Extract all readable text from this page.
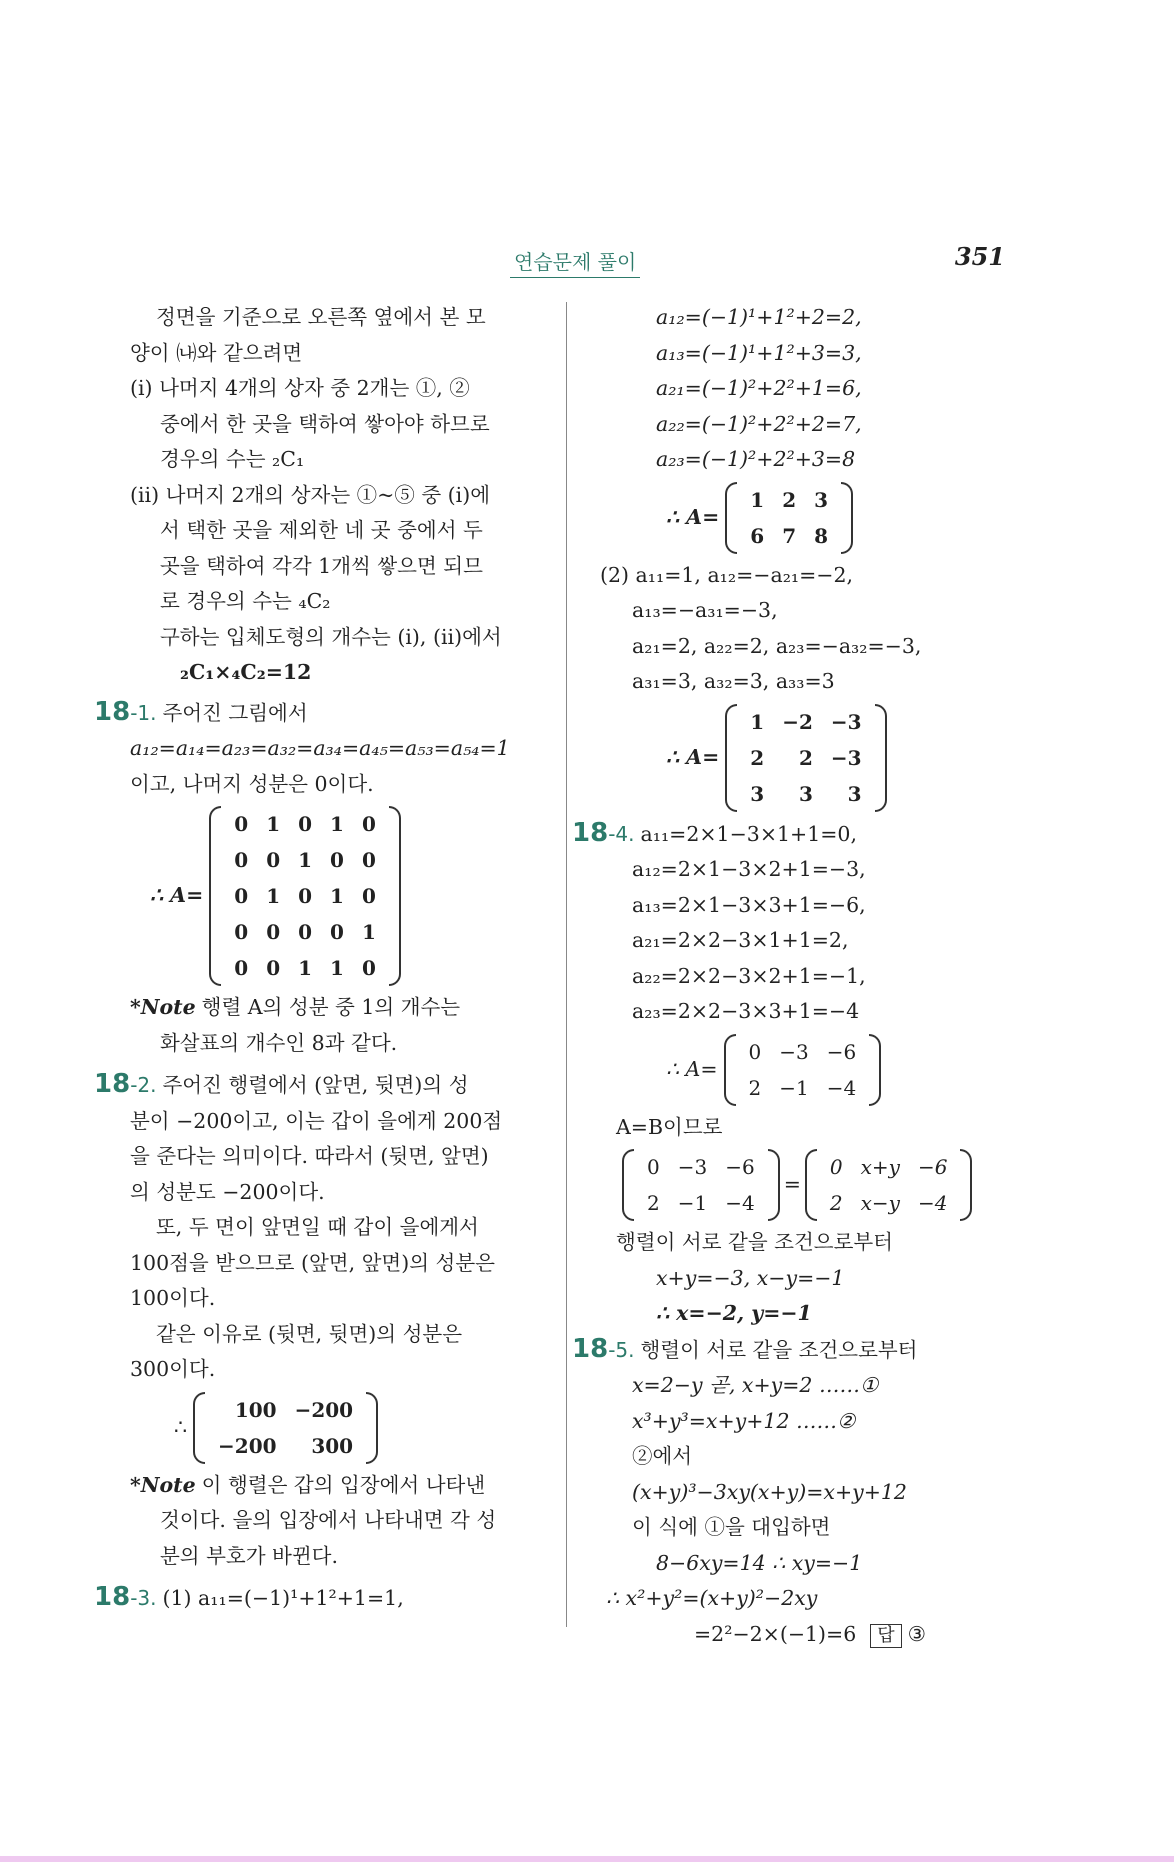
연습문제 풀이	351
정면을 기준으로 오른쪽 옆에서 본 모
양이 ㈏와 같으려면
(ⅰ) 나머지 4개의 상자 중 2개는 ①, ②
중에서 한 곳을 택하여 쌓아야 하므로
경우의 수는 ₂C₁
(ⅱ) 나머지 2개의 상자는 ①~⑤ 중 (ⅰ)에
서 택한 곳을 제외한 네 곳 중에서 두
곳을 택하여 각각 1개씩 쌓으면 되므
로 경우의 수는 ₄C₂
구하는 입체도형의 개수는 (ⅰ), (ⅱ)에서
₂C₁×₄C₂=12
18-1. 주어진 그림에서
a₁₂=a₁₄=a₂₃=a₃₂=a₃₄=a₄₅=a₅₃=a₅₄=1
이고, 나머지 성분은 0이다.
∴ A=
0	1	0	1	0
0	0	1	0	0
0	1	0	1	0
0	0	0	0	1
0	0	1	1	0
*Note 행렬 A의 성분 중 1의 개수는
화살표의 개수인 8과 같다.
18-2. 주어진 행렬에서 (앞면, 뒷면)의 성
분이 −200이고, 이는 갑이 을에게 200점
을 준다는 의미이다. 따라서 (뒷면, 앞면)
의 성분도 −200이다.
또, 두 면이 앞면일 때 갑이 을에게서
100점을 받으므로 (앞면, 앞면)의 성분은
100이다.
같은 이유로 (뒷면, 뒷면)의 성분은
300이다.
∴
100	−200
−200	300
*Note 이 행렬은 갑의 입장에서 나타낸
것이다. 을의 입장에서 나타내면 각 성
분의 부호가 바뀐다.
18-3. (1) a₁₁=(−1)¹+1²+1=1,
a₁₂=(−1)¹+1²+2=2,
a₁₃=(−1)¹+1²+3=3,
a₂₁=(−1)²+2²+1=6,
a₂₂=(−1)²+2²+2=7,
a₂₃=(−1)²+2²+3=8
∴ A=
1	2	3
6	7	8
(2) a₁₁=1, a₁₂=−a₂₁=−2,
a₁₃=−a₃₁=−3,
a₂₁=2, a₂₂=2, a₂₃=−a₃₂=−3,
a₃₁=3, a₃₂=3, a₃₃=3
∴ A=
1	−2	−3
2	2	−3
3	3	3
18-4. a₁₁=2×1−3×1+1=0,
a₁₂=2×1−3×2+1=−3,
a₁₃=2×1−3×3+1=−6,
a₂₁=2×2−3×1+1=2,
a₂₂=2×2−3×2+1=−1,
a₂₃=2×2−3×3+1=−4
∴ A=
0	−3	−6
2	−1	−4
A=B이므로
0	−3	−6
2	−1	−4
=
0	x+y	−6
2	x−y	−4
행렬이 서로 같을 조건으로부터
x+y=−3, x−y=−1
∴ x=−2, y=−1
18-5. 행렬이 서로 같을 조건으로부터
x=2−y 곧, x+y=2 ……①
x³+y³=x+y+12 ……②
②에서
(x+y)³−3xy(x+y)=x+y+12
이 식에 ①을 대입하면
8−6xy=14 ∴ xy=−1
∴ x²+y²=(x+y)²−2xy
=2²−2×(−1)=6 답 ③
